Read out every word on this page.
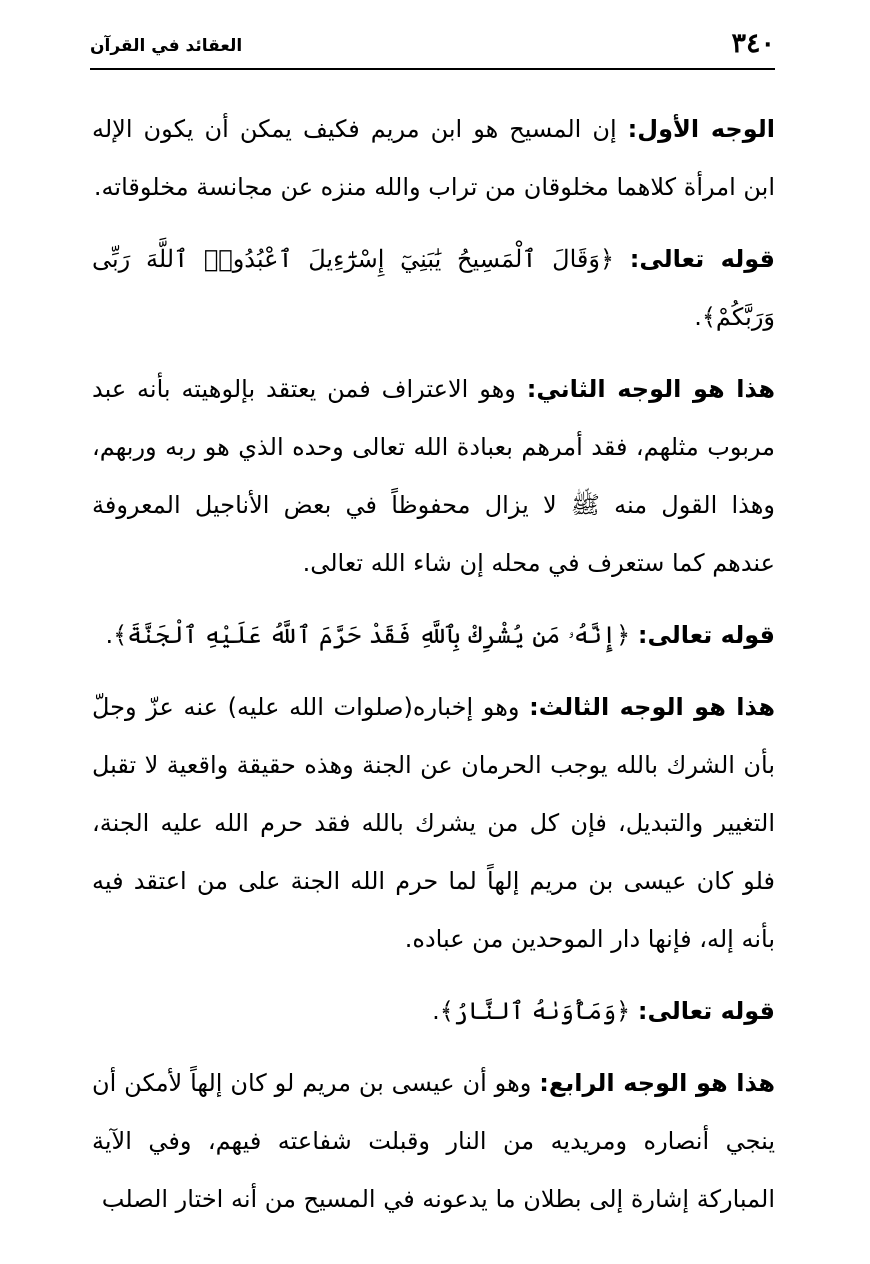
٣٤٠
العقائد في القرآن

الوجه الأول: إن المسيح هو ابن مريم فكيف يمكن أن يكون الإله ابن امرأة كلاهما مخلوقان من تراب والله منزه عن مجانسة مخلوقاته.

قوله تعالى: ﴿وَقَالَ ٱلْمَسِيحُ يَٰبَنِيٓ إِسْرَٰٓءِيلَ ٱعْبُدُوا۟ ٱللَّهَ رَبِّى وَرَبَّكُمْ﴾.

هذا هو الوجه الثاني: وهو الاعتراف فمن يعتقد بإلوهيته بأنه عبد مربوب مثلهم، فقد أمرهم بعبادة الله تعالى وحده الذي هو ربه وربهم، وهذا القول منه ﷺ لا يزال محفوظاً في بعض الأناجيل المعروفة عندهم كما ستعرف في محله إن شاء الله تعالى.

قوله تعالى: ﴿إِنَّهُۥ مَن يُشْرِكْ بِٱللَّهِ فَقَدْ حَرَّمَ ٱللَّهُ عَلَيْهِ ٱلْجَنَّةَ﴾.

هذا هو الوجه الثالث: وهو إخباره(صلوات الله عليه) عنه عزّ وجلّ بأن الشرك بالله يوجب الحرمان عن الجنة وهذه حقيقة واقعية لا تقبل التغيير والتبديل، فإن كل من يشرك بالله فقد حرم الله عليه الجنة، فلو كان عيسى بن مريم إلهاً لما حرم الله الجنة على من اعتقد فيه بأنه إله، فإنها دار الموحدين من عباده.

قوله تعالى: ﴿وَمَأْوَىٰهُ ٱلنَّارُ﴾.

هذا هو الوجه الرابع: وهو أن عيسى بن مريم لو كان إلهاً لأمكن أن ينجي أنصاره ومريديه من النار وقبلت شفاعته فيهم، وفي الآية المباركة إشارة إلى بطلان ما يدعونه في المسيح من أنه اختار الصلب
